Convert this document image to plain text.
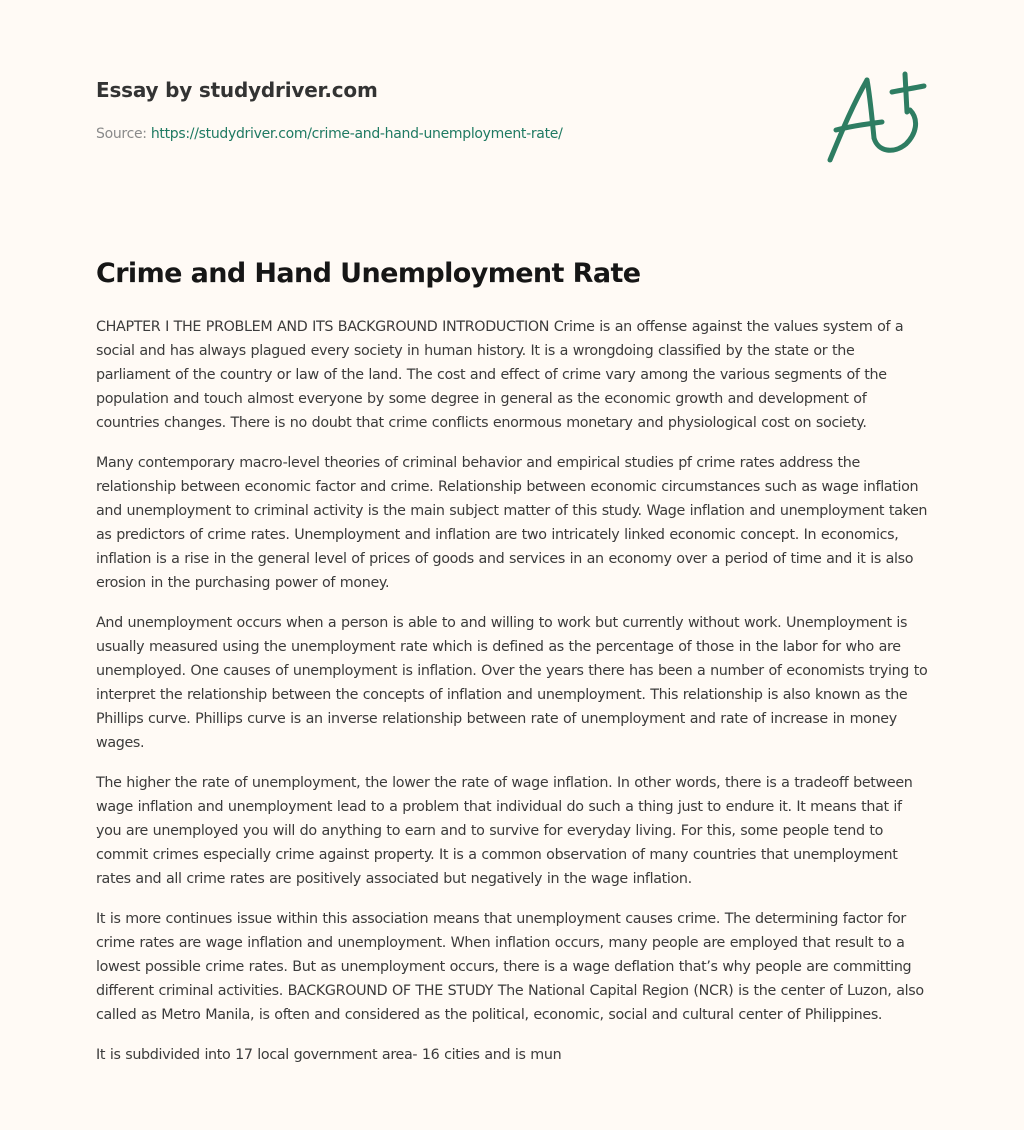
Essay by studydriver.com
Source: https://studydriver.com/crime-and-hand-unemployment-rate/
Crime and Hand Unemployment Rate

CHAPTER I THE PROBLEM AND ITS BACKGROUND INTRODUCTION Crime is an offense against the values system of a social and has always plagued every society in human history. It is a wrongdoing classified by the state or the parliament of the country or law of the land. The cost and effect of crime vary among the various segments of the population and touch almost everyone by some degree in general as the economic growth and development of countries changes. There is no doubt that crime conflicts enormous monetary and physiological cost on society.

Many contemporary macro-level theories of criminal behavior and empirical studies pf crime rates address the relationship between economic factor and crime. Relationship between economic circumstances such as wage inflation and unemployment to criminal activity is the main subject matter of this study. Wage inflation and unemployment taken as predictors of crime rates. Unemployment and inflation are two intricately linked economic concept. In economics, inflation is a rise in the general level of prices of goods and services in an economy over a period of time and it is also erosion in the purchasing power of money.

And unemployment occurs when a person is able to and willing to work but currently without work. Unemployment is usually measured using the unemployment rate which is defined as the percentage of those in the labor for who are unemployed. One causes of unemployment is inflation. Over the years there has been a number of economists trying to interpret the relationship between the concepts of inflation and unemployment. This relationship is also known as the Phillips curve. Phillips curve is an inverse relationship between rate of unemployment and rate of increase in money wages.

The higher the rate of unemployment, the lower the rate of wage inflation. In other words, there is a tradeoff between wage inflation and unemployment lead to a problem that individual do such a thing just to endure it. It means that if you are unemployed you will do anything to earn and to survive for everyday living. For this, some people tend to commit crimes especially crime against property. It is a common observation of many countries that unemployment rates and all crime rates are positively associated but negatively in the wage inflation.

It is more continues issue within this association means that unemployment causes crime. The determining factor for crime rates are wage inflation and unemployment. When inflation occurs, many people are employed that result to a lowest possible crime rates. But as unemployment occurs, there is a wage deflation that’s why people are committing different criminal activities. BACKGROUND OF THE STUDY The National Capital Region (NCR) is the center of Luzon, also called as Metro Manila, is often and considered as the political, economic, social and cultural center of Philippines.

It is subdivided into 17 local government area- 16 cities and is mun
